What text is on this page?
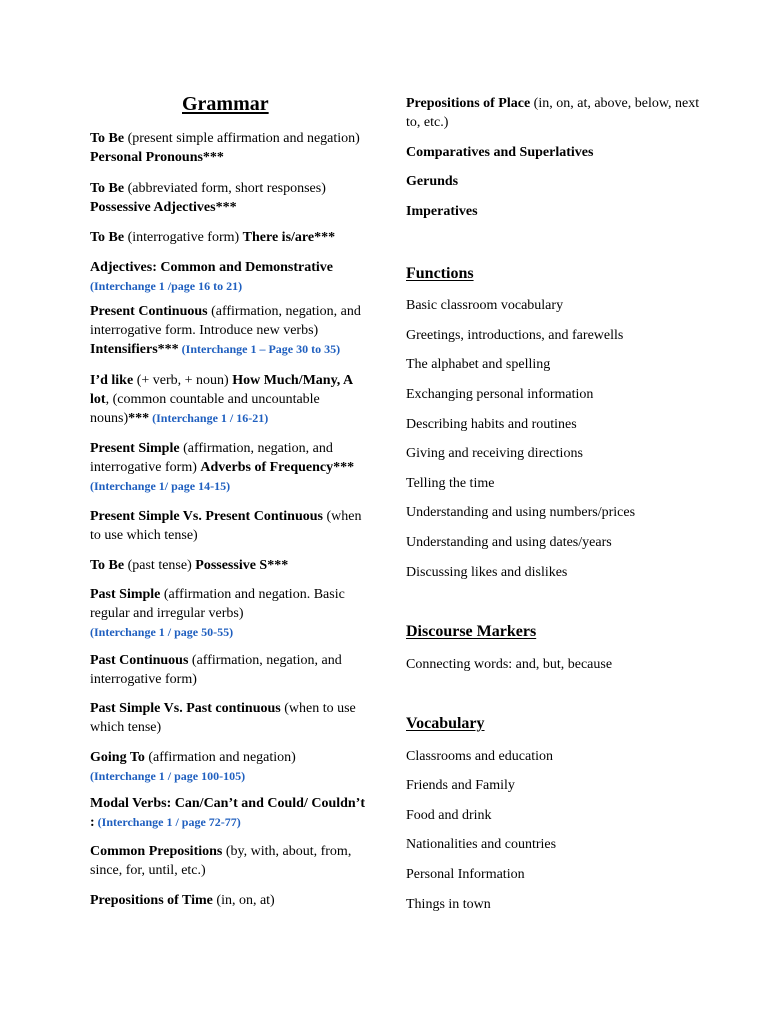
Grammar
To Be (present simple affirmation and negation) Personal Pronouns***
To Be (abbreviated form, short responses) Possessive Adjectives***
To Be (interrogative form) There is/are***
Adjectives: Common and Demonstrative
(Interchange 1 /page 16 to 21)
Present Continuous (affirmation, negation, and interrogative form. Introduce new verbs) Intensifiers*** (Interchange 1 – Page 30 to 35)
I’d like (+ verb, + noun) How Much/Many, A lot, (common countable and uncountable nouns)*** (Interchange 1 / 16-21)
Present Simple (affirmation, negation, and interrogative form) Adverbs of Frequency*** (Interchange 1/ page 14-15)
Present Simple Vs. Present Continuous (when to use which tense)
To Be (past tense) Possessive S***
Past Simple (affirmation and negation. Basic regular and irregular verbs)
(Interchange 1 / page 50-55)
Past Continuous (affirmation, negation, and interrogative form)
Past Simple Vs. Past continuous (when to use which tense)
Going To (affirmation and negation)
(Interchange 1 / page 100-105)
Modal Verbs: Can/Can’t and Could/ Couldn’t : (Interchange 1 / page 72-77)
Common Prepositions (by, with, about, from, since, for, until, etc.)
Prepositions of Time (in, on, at)
Prepositions of Place (in, on, at, above, below, next to, etc.)
Comparatives and Superlatives
Gerunds
Imperatives
Functions
Basic classroom vocabulary
Greetings, introductions, and farewells
The alphabet and spelling
Exchanging personal information
Describing habits and routines
Giving and receiving directions
Telling the time
Understanding and using numbers/prices
Understanding and using dates/years
Discussing likes and dislikes
Discourse Markers
Connecting words: and, but, because
Vocabulary
Classrooms and education
Friends and Family
Food and drink
Nationalities and countries
Personal Information
Things in town
